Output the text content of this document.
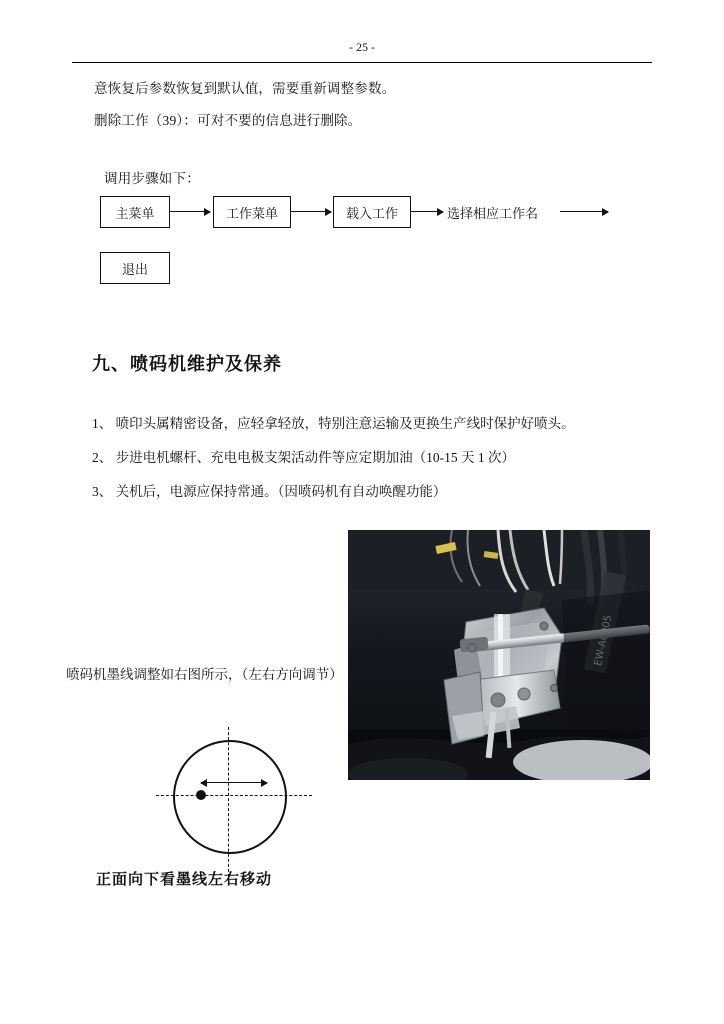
- 25 -
意恢复后参数恢复到默认值，需要重新调整参数。
删除工作（39）：可对不要的信息进行删除。
调用步骤如下：
主菜单	工作菜单	载入工作	选择相应工作名
退出
九、喷码机维护及保养
1、 喷印头属精密设备，应轻拿轻放，特别注意运输及更换生产线时保护好喷头。
2、 步进电机螺杆、充电电极支架活动件等应定期加油（10-15 天 1 次）
3、 关机后，电源应保持常通。（因喷码机有自动唤醒功能）
喷码机墨线调整如右图所示，（左右方向调节）
正面向下看墨线左右移动
